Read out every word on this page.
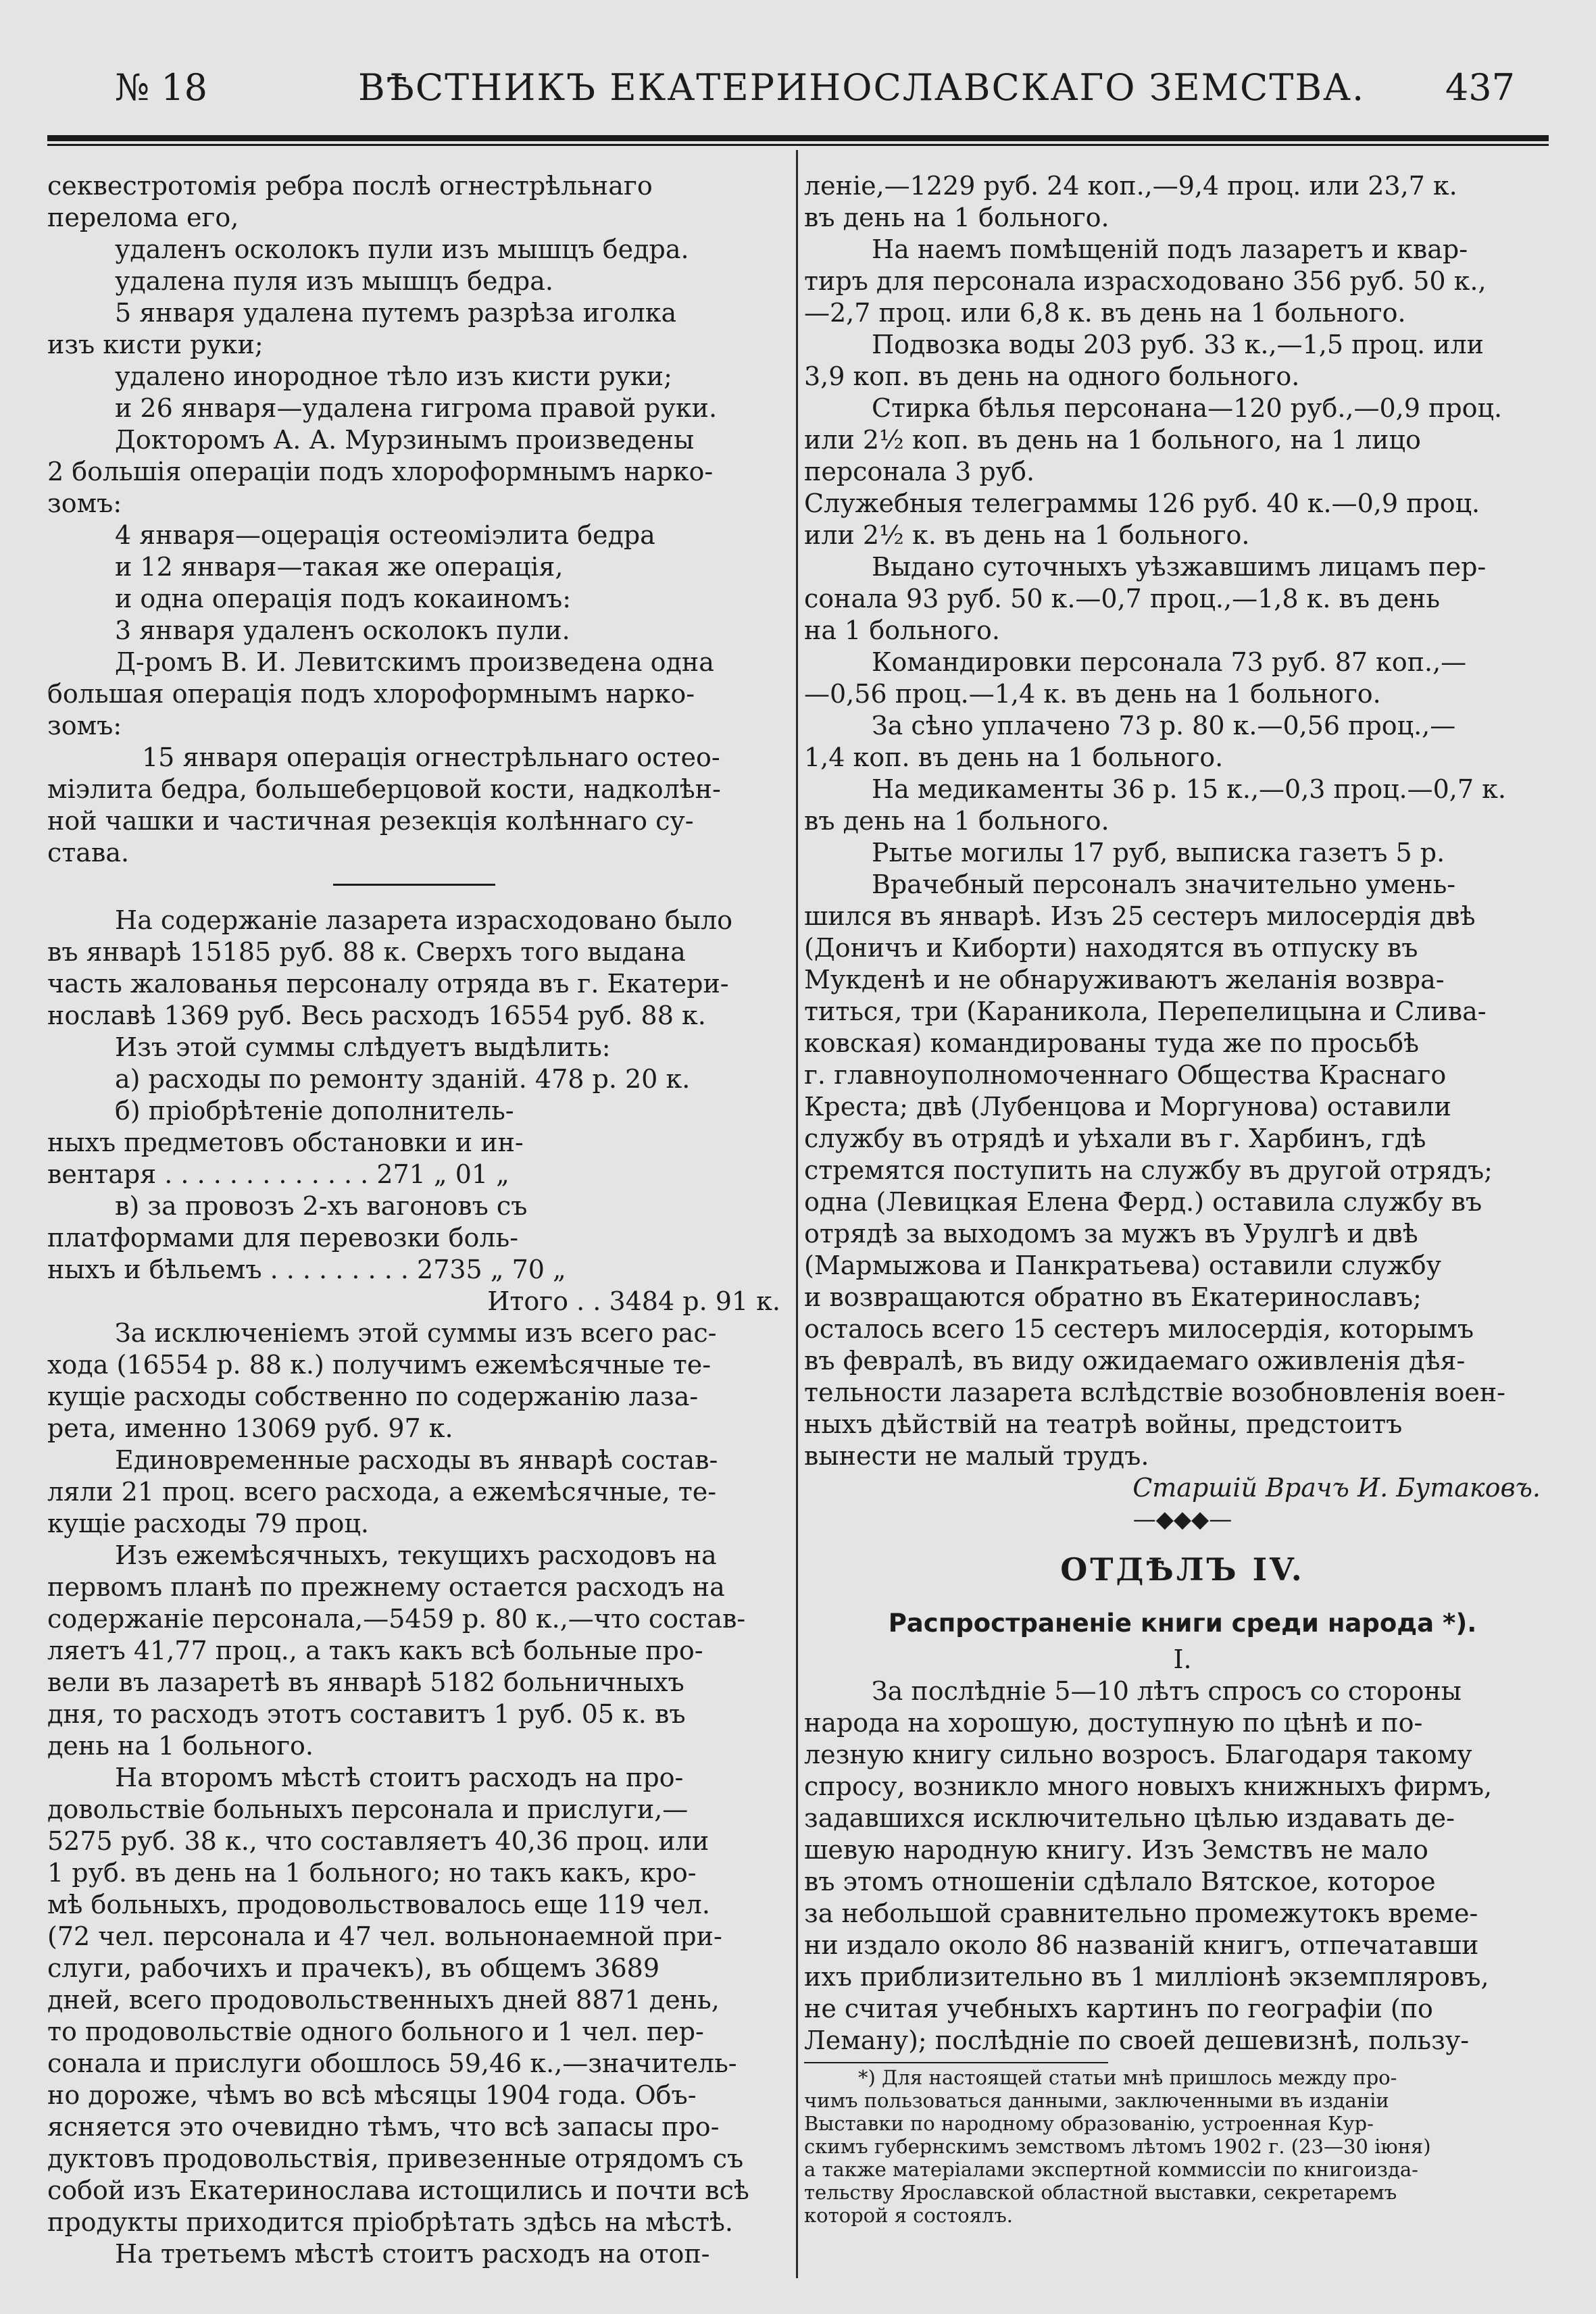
№ 18	ВѢСТНИКЪ ЕКАТЕРИНОСЛАВСКАГО ЗЕМСТВА. 437
секвестротомія ребра послѣ огнестрѣльнаго
перелома его,
удаленъ осколокъ пули изъ мышцъ бедра.
удалена пуля изъ мышцъ бедра.
5 января удалена путемъ разрѣза иголка
изъ кисти руки;
удалено инородное тѣло изъ кисти руки;
и 26 января—удалена гигрома правой руки.
Докторомъ А. А. Мурзинымъ произведены
2 большія операціи подъ хлороформнымъ нарко-
зомъ:
4 января—оцерація остеоміэлита бедра
и 12 января—такая же операція,
и одна операція подъ кокаиномъ:
3 января удаленъ осколокъ пули.
Д-ромъ В. И. Левитскимъ произведена одна
большая операція подъ хлороформнымъ нарко-
зомъ:
15 января операція огнестрѣльнаго остео-
міэлита бедра, большеберцовой кости, надколѣн-
ной чашки и частичная резекція колѣннаго су-
става.
На содержаніе лазарета израсходовано было
въ январѣ 15185 руб. 88 к. Сверхъ того выдана
часть жалованья персоналу отряда въ г. Екатери-
нославѣ 1369 руб. Весь расходъ 16554 руб. 88 к.
Изъ этой суммы слѣдуетъ выдѣлить:
а) расходы по ремонту зданій. 478 р. 20 к.
б) пріобрѣтеніе дополнитель-
ныхъ предметовъ обстановки и ин-
вентаря . . . . . . . . . . . . . 271 „ 01 „
в) за провозъ 2-хъ вагоновъ съ
платформами для перевозки боль-
ныхъ и бѣльемъ . . . . . . . . . 2735 „ 70 „
Итого . . 3484 р. 91 к.
За исключеніемъ этой суммы изъ всего рас-
хода (16554 р. 88 к.) получимъ ежемѣсячные те-
кущіе расходы собственно по содержанію лаза-
рета, именно 13069 руб. 97 к.
Единовременные расходы въ январѣ состав-
ляли 21 проц. всего расхода, а ежемѣсячные, те-
кущіе расходы 79 проц.
Изъ ежемѣсячныхъ, текущихъ расходовъ на
первомъ планѣ по прежнему остается расходъ на
содержаніе персонала,—5459 р. 80 к.,—что состав-
ляетъ 41,77 проц., а такъ какъ всѣ больные про-
вели въ лазаретѣ въ январѣ 5182 больничныхъ
дня, то расходъ этотъ составитъ 1 руб. 05 к. въ
день на 1 больного.
На второмъ мѣстѣ стоитъ расходъ на про-
довольствіе больныхъ персонала и прислуги,—
5275 руб. 38 к., что составляетъ 40,36 проц. или
1 руб. въ день на 1 больного; но такъ какъ, кро-
мѣ больныхъ, продовольствовалось еще 119 чел.
(72 чел. персонала и 47 чел. вольнонаемной при-
слуги, рабочихъ и прачекъ), въ общемъ 3689
дней, всего продовольственныхъ дней 8871 день,
то продовольствіе одного больного и 1 чел. пер-
сонала и прислуги обошлось 59,46 к.,—значитель-
но дороже, чѣмъ во всѣ мѣсяцы 1904 года. Объ-
ясняется это очевидно тѣмъ, что всѣ запасы про-
дуктовъ продовольствія, привезенные отрядомъ съ
собой изъ Екатеринослава истощились и почти всѣ
продукты приходится пріобрѣтать здѣсь на мѣстѣ.
На третьемъ мѣстѣ стоитъ расходъ на отоп-
леніе,—1229 руб. 24 коп.,—9,4 проц. или 23,7 к.
въ день на 1 больного.
На наемъ помѣщеній подъ лазаретъ и квар-
тиръ для персонала израсходовано 356 руб. 50 к.,
—2,7 проц. или 6,8 к. въ день на 1 больного.
Подвозка воды 203 руб. 33 к.,—1,5 проц. или
3,9 коп. въ день на одного больного.
Стирка бѣлья персонана—120 руб.,—0,9 проц.
или 2½ коп. въ день на 1 больного, на 1 лицо
персонала 3 руб.
Служебныя телеграммы 126 руб. 40 к.—0,9 проц.
или 2½ к. въ день на 1 больного.
Выдано суточныхъ уѣзжавшимъ лицамъ пер-
сонала 93 руб. 50 к.—0,7 проц.,—1,8 к. въ день
на 1 больного.
Командировки персонала 73 руб. 87 коп.,—
—0,56 проц.—1,4 к. въ день на 1 больного.
За сѣно уплачено 73 р. 80 к.—0,56 проц.,—
1,4 коп. въ день на 1 больного.
На медикаменты 36 р. 15 к.,—0,3 проц.—0,7 к.
въ день на 1 больного.
Рытье могилы 17 руб, выписка газетъ 5 р.
Врачебный персоналъ значительно умень-
шился въ январѣ. Изъ 25 сестеръ милосердія двѣ
(Доничъ и Киборти) находятся въ отпуску въ
Мукденѣ и не обнаруживаютъ желанія возвра-
титься, три (Караникола, Перепелицына и Слива-
ковская) командированы туда же по просьбѣ
г. главноуполномоченнаго Общества Краснаго
Креста; двѣ (Лубенцова и Моргунова) оставили
службу въ отрядѣ и уѣхали въ г. Харбинъ, гдѣ
стремятся поступить на службу въ другой отрядъ;
одна (Левицкая Елена Ферд.) оставила службу въ
отрядѣ за выходомъ за мужъ въ Урулгѣ и двѣ
(Мармыжова и Панкратьева) оставили службу
и возвращаются обратно въ Екатеринославъ;
осталось всего 15 сестеръ милосердія, которымъ
въ февралѣ, въ виду ожидаемаго оживленія дѣя-
тельности лазарета вслѣдствіе возобновленія воен-
ныхъ дѣйствій на театрѣ войны, предстоитъ
вынести не малый трудъ.
Старшій Врачъ И. Бутаковъ.
—◆◆◆—
ОТДѢЛЪ IV.
Распространеніе книги среди народа *).
I.
За послѣдніе 5—10 лѣтъ спросъ со стороны
народа на хорошую, доступную по цѣнѣ и по-
лезную книгу сильно возросъ. Благодаря такому
спросу, возникло много новыхъ книжныхъ фирмъ,
задавшихся исключительно цѣлью издавать де-
шевую народную книгу. Изъ Земствъ не мало
въ этомъ отношеніи сдѣлало Вятское, которое
за небольшой сравнительно промежутокъ време-
ни издало около 86 названій книгъ, отпечатавши
ихъ приблизительно въ 1 милліонѣ экземпляровъ,
не считая учебныхъ картинъ по географіи (по
Леману); послѣдніе по своей дешевизнѣ, пользу-
*) Для настоящей статьи мнѣ пришлось между про-
чимъ пользоваться данными, заключенными въ изданіи
Выставки по народному образованію, устроенная Кур-
скимъ губернскимъ земствомъ лѣтомъ 1902 г. (23—30 іюня)
а также матеріалами экспертной коммиссіи по книгоизда-
тельству Ярославской областной выставки, секретаремъ
которой я состоялъ.
